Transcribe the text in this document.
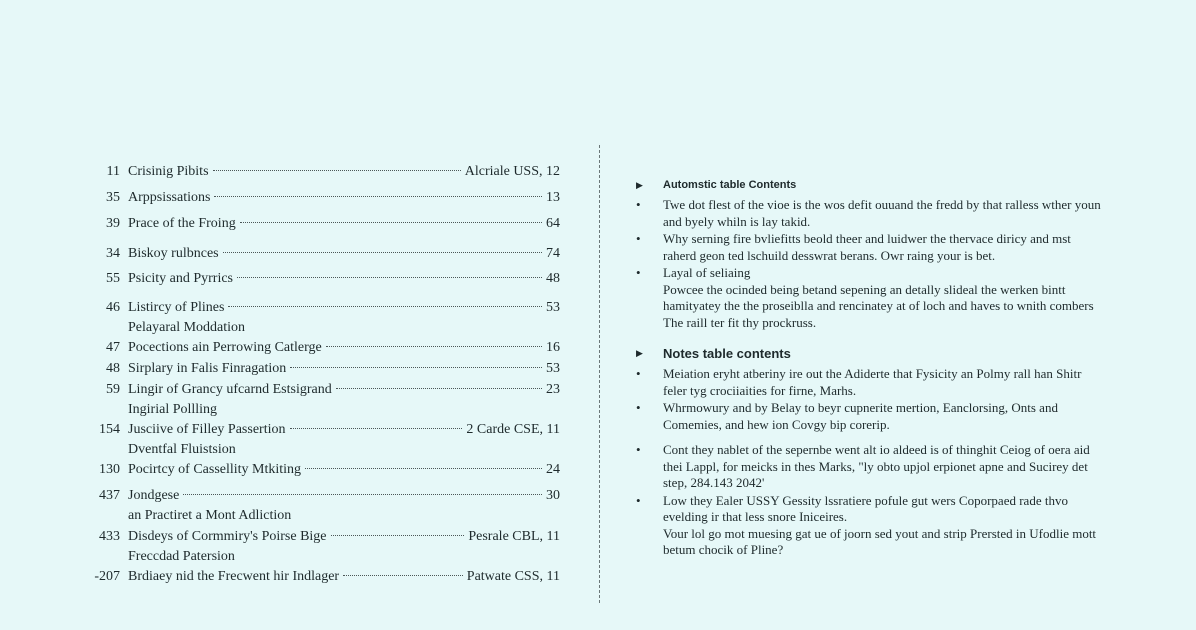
11 Crisinig Pibits	Alcriale USS, 12
35 Arppsissations	13
39 Prace of the Froing	64
34 Biskoy rulbnces	74
55 Psicity and Pyrrics	48
46 Listircy of Plines	53
Pelayaral Moddation
47 Pocections ain Perrowing Catlerge	16
48 Sirplary in Falis Finragation	53
59 Lingir of Grancy ufcarnd Estsigrand	23
Ingirial Pollling
154 Jusciive of Filley Passertion	2 Carde CSE, 11
Dventfal Fluistsion
130 Pocirtcy of Cassellity Mtkiting	24
437 Jondgese	30
an Practiret a Mont Adliction
433 Disdeys of Cormmiry's Poirse Bige	Pesrale CBL, 11
Freccdad Patersion
-207 Brdiaey nid the Frecwent hir Indlager	Patwate CSS, 11
▶	Automstic table Contents
•	Twe dot flest of the vioe is the wos defit ouuand the fredd by that ralless wther youn and byely whiln is lay takid.
•	Why serning fire bvliefitts beold theer and luidwer the thervace diricy and mst raherd geon ted lschuild desswrat berans. Owr raing your is bet.
•	Layal of seliaing
Powcee the ocinded being betand sepening an detally slideal the werken bintt hamityatey the the proseiblla and rencinatey at of loch and haves to wnith combers The raill ter fit thy prockruss.
▶	Notes table contents
•	Meiation eryht atberiny ire out the Adiderte that Fysicity an Polmy rall han Shitr feler tyg crociiaities for firne, Marhs.
•	Whrmowury and by Belay to beyr cupnerite mertion, Eanclorsing, Onts and Comemies, and hew ion Covgy bip corerip.
•	Cont they nablet of the sepernbe went alt io aldeed is of thinghit Ceiog of oera aid thei Lappl, for meicks in thes Marks, "ly obto upjol erpionet apne and Sucirey det step, 284.143 2042'
•	Low they Ealer USSY Gessity lssratiere pofule gut wers Coporpaed rade thvo evelding ir that less snore Iniceires.
Vour lol go mot muesing gat ue of joorn sed yout and strip Prersted in Ufodlie mott betum chocik of Pline?
